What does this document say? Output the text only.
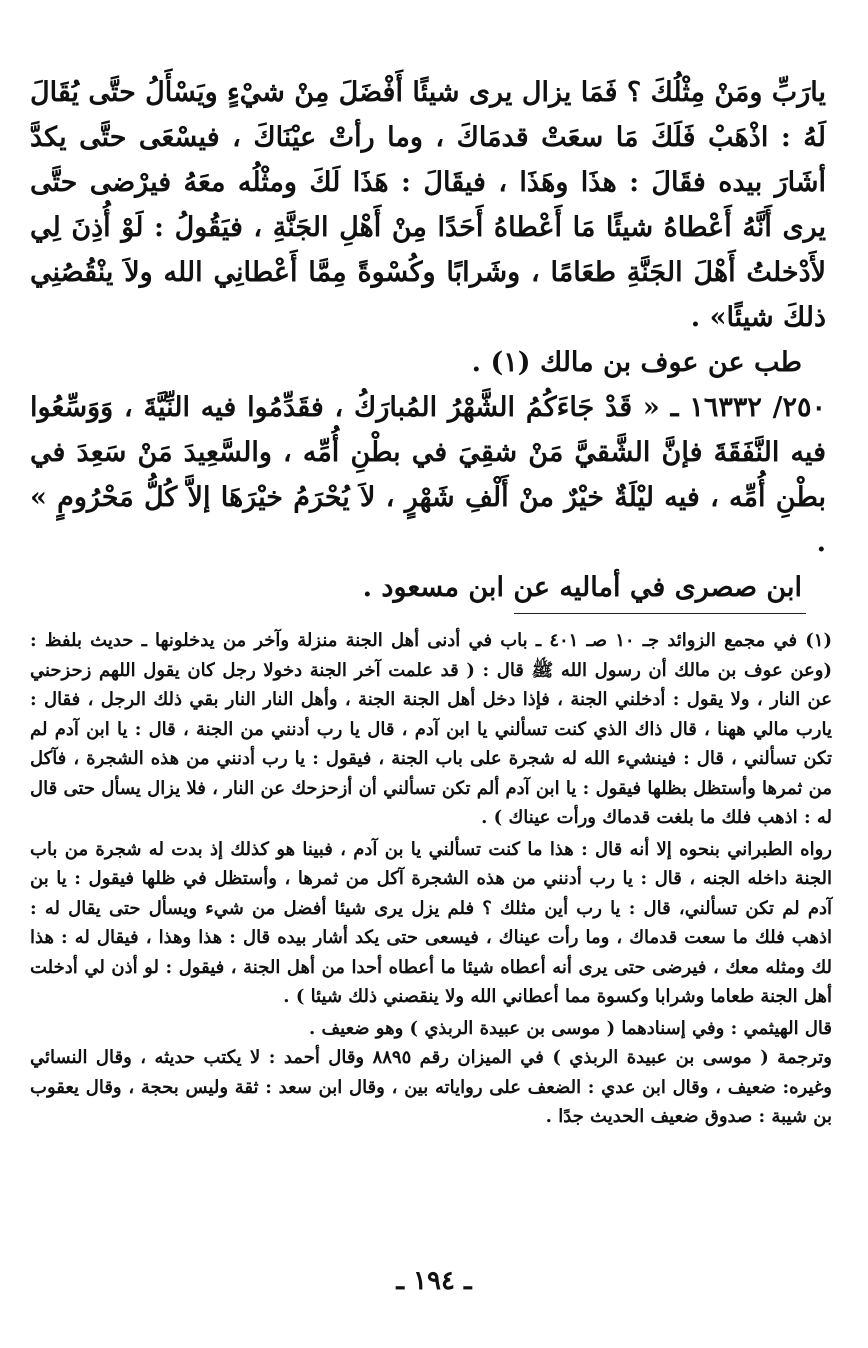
يارَبِّ ومَنْ مِثْلُكَ ؟ فَمَا يزال يرى شيئًا أَفْضَلَ مِنْ شيْءٍ ويَسْأَلُ حتَّى يُقَالَ لَهُ : اذْهَبْ فَلَكَ مَا سعَتْ قدمَاكَ ، وما رأتْ عيْنَاكَ ، فيسْعَى حتَّى يكدَّ أشَارَ بيده فقَالَ : هذَا وهَذَا ، فيقَالَ : هَذَا لَكَ ومثْلُه معَهُ فيرْضى حتَّى يرى أَنَّهُ أَعْطاهُ شيئًا مَا أَعْطاهُ أَحَدًا مِنْ أَهْلِ الجَنَّةِ ، فيَقُولُ : لَوْ أُذِنَ لِي لأَدْخلتُ أَهْلَ الجَنَّةِ طعَامًا ، وشَرابًا وكُسْوةً مِمَّا أَعْطانِي الله ولاَ ينْقُصُنِي ذلكَ شيئًا» .

طب عن عوف بن مالك (١) .

٢٥٠/ ١٦٣٣٢ ـ « قَدْ جَاءَكُمُ الشَّهْرُ المُبارَكُ ، فقَدِّمُوا فيه النِّيَّةَ ، وَوَسِّعُوا فيه النَّفَقَةَ فإنَّ الشَّقيَّ مَنْ شقِيَ في بطْنِ أُمِّه ، والسَّعِيدَ مَنْ سَعِدَ في بطْنِ أُمِّه ، فيه ليْلَةٌ خيْرٌ منْ أَلْفِ شَهْرٍ ، لاَ يُحْرَمُ خيْرَهَا إلاَّ كُلُّ مَحْرُومٍ » .

ابن صصرى في أماليه عن ابن مسعود .

(١) في مجمع الزوائد جـ ١٠ صـ ٤٠١ ـ باب في أدنى أهل الجنة منزلة وآخر من يدخلونها ـ حديث بلفظ : (وعن عوف بن مالك أن رسول الله ﷺ قال : ( قد علمت آخر الجنة دخولا رجل كان يقول اللهم زحزحني عن النار ، ولا يقول : أدخلني الجنة ، فإذا دخل أهل الجنة الجنة ، وأهل النار النار بقي ذلك الرجل ، فقال : يارب مالي ههنا ، قال ذاك الذي كنت تسألني يا ابن آدم ، قال يا رب أدنني من الجنة ، قال : يا ابن آدم لم تكن تسألني ، قال : فينشيء الله له شجرة على باب الجنة ، فيقول : يا رب أدنني من هذه الشجرة ، فآكل من ثمرها وأستظل بظلها فيقول : يا ابن آدم ألم تكن تسألني أن أزحزحك عن النار ، فلا يزال يسأل حتى قال له : اذهب فلك ما بلغت قدماك ورأت عيناك ) .

رواه الطبراني بنحوه إلا أنه قال : هذا ما كنت تسألني يا بن آدم ، فبينا هو كذلك إذ بدت له شجرة من باب الجنة داخله الجنه ، قال : يا رب أدنني من هذه الشجرة آكل من ثمرها ، وأستظل في ظلها فيقول : يا بن آدم لم تكن تسألني، قال : يا رب أين مثلك ؟ فلم يزل يرى شيئا أفضل من شيء ويسأل حتى يقال له : اذهب فلك ما سعت قدماك ، وما رأت عيناك ، فيسعى حتى يكد أشار بيده قال : هذا وهذا ، فيقال له : هذا لك ومثله معك ، فيرضى حتى يرى أنه أعطاه شيئا ما أعطاه أحدا من أهل الجنة ، فيقول : لو أذن لي أدخلت أهل الجنة طعاما وشرابا وكسوة مما أعطاني الله ولا ينقصني ذلك شيئا ) .

قال الهيثمي : وفي إسنادهما ( موسى بن عبيدة الربذي ) وهو ضعيف .

وترجمة ( موسى بن عبيدة الربذي ) في الميزان رقم ٨٨٩٥ وقال أحمد : لا يكتب حديثه ، وقال النسائي وغيره: ضعيف ، وقال ابن عدي : الضعف على رواياته بين ، وقال ابن سعد : ثقة وليس بحجة ، وقال يعقوب بن شيبة : صدوق ضعيف الحديث جدًا .

ـ ١٩٤ ـ
